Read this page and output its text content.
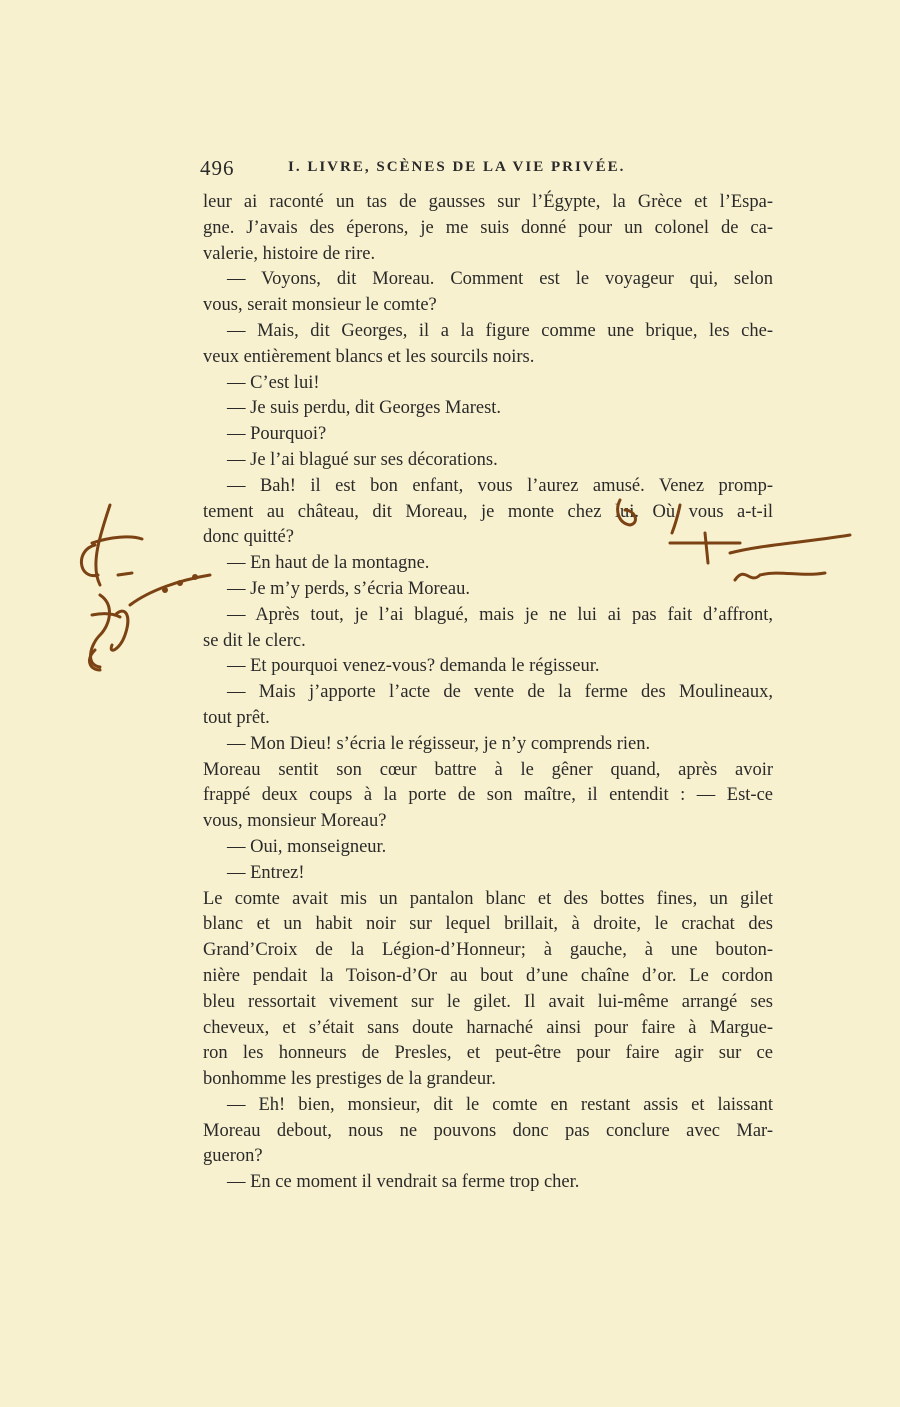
496	I. LIVRE, SCÈNES DE LA VIE PRIVÉE.
leur ai raconté un tas de gausses sur l’Égypte, la Grèce et l’Espa-
gne. J’avais des éperons, je me suis donné pour un colonel de ca-
valerie, histoire de rire.
— Voyons, dit Moreau. Comment est le voyageur qui, selon
vous, serait monsieur le comte?
— Mais, dit Georges, il a la figure comme une brique, les che-
veux entièrement blancs et les sourcils noirs.
— C’est lui!
— Je suis perdu, dit Georges Marest.
— Pourquoi?
— Je l’ai blagué sur ses décorations.
— Bah! il est bon enfant, vous l’aurez amusé. Venez promp-
tement au château, dit Moreau, je monte chez lui. Où vous a-t-il
donc quitté?
— En haut de la montagne.
— Je m’y perds, s’écria Moreau.
— Après tout, je l’ai blagué, mais je ne lui ai pas fait d’affront,
se dit le clerc.
— Et pourquoi venez-vous? demanda le régisseur.
— Mais j’apporte l’acte de vente de la ferme des Moulineaux,
tout prêt.
— Mon Dieu! s’écria le régisseur, je n’y comprends rien.
Moreau sentit son cœur battre à le gêner quand, après avoir
frappé deux coups à la porte de son maître, il entendit : — Est-ce
vous, monsieur Moreau?
— Oui, monseigneur.
— Entrez!
Le comte avait mis un pantalon blanc et des bottes fines, un gilet
blanc et un habit noir sur lequel brillait, à droite, le crachat des
Grand’Croix de la Légion-d’Honneur; à gauche, à une bouton-
nière pendait la Toison-d’Or au bout d’une chaîne d’or. Le cordon
bleu ressortait vivement sur le gilet. Il avait lui-même arrangé ses
cheveux, et s’était sans doute harnaché ainsi pour faire à Margue-
ron les honneurs de Presles, et peut-être pour faire agir sur ce
bonhomme les prestiges de la grandeur.
— Eh! bien, monsieur, dit le comte en restant assis et laissant
Moreau debout, nous ne pouvons donc pas conclure avec Mar-
gueron?
— En ce moment il vendrait sa ferme trop cher.
